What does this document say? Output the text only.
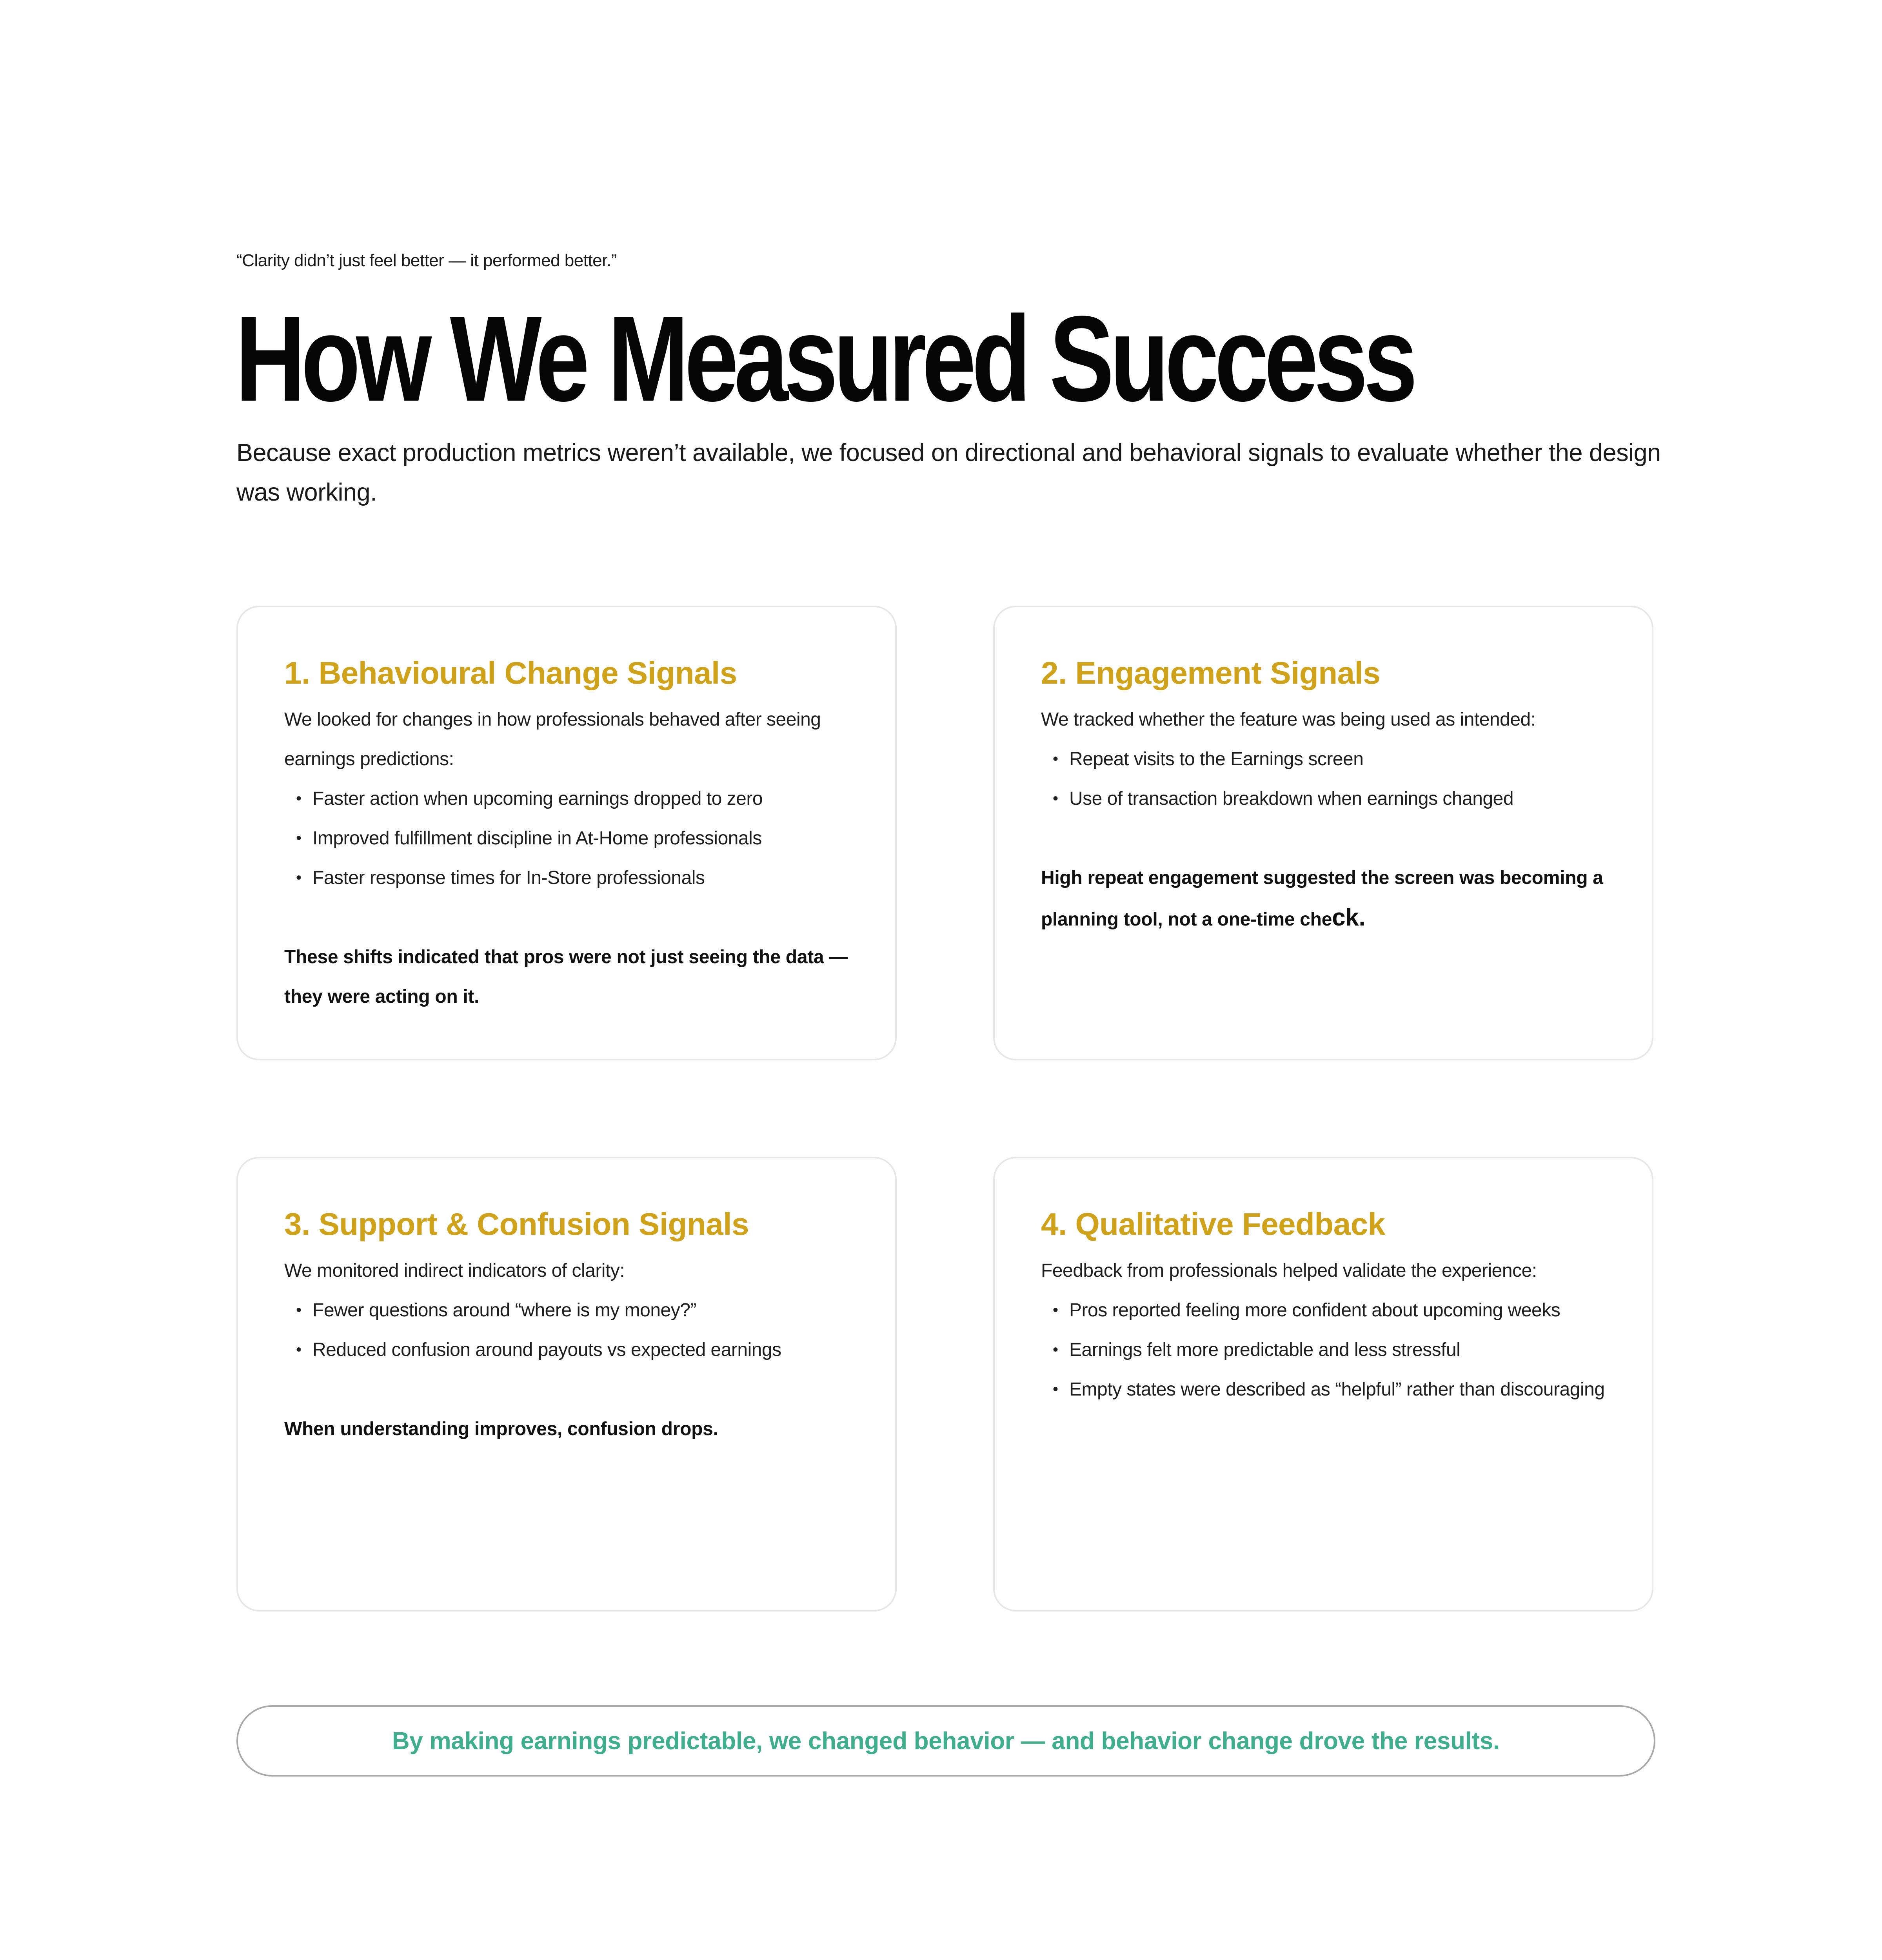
“Clarity didn’t just feel better — it performed better.”
How We Measured Success

Because exact production metrics weren’t available, we focused on directional and behavioral signals to evaluate whether the design was working.

1. Behavioural Change Signals

We looked for changes in how professionals behaved after seeing earnings predictions:

• Faster action when upcoming earnings dropped to zero
• Improved fulfillment discipline in At-Home professionals
• Faster response times for In-Store professionals

These shifts indicated that pros were not just seeing the data — they were acting on it.

2. Engagement Signals

We tracked whether the feature was being used as intended:

• Repeat visits to the Earnings screen
• Use of transaction breakdown when earnings changed

High repeat engagement suggested the screen was becoming a planning tool, not a one-time check.

3. Support & Confusion Signals

We monitored indirect indicators of clarity:

• Fewer questions around “where is my money?”
• Reduced confusion around payouts vs expected earnings

When understanding improves, confusion drops.

4. Qualitative Feedback

Feedback from professionals helped validate the experience:

• Pros reported feeling more confident about upcoming weeks
• Earnings felt more predictable and less stressful
• Empty states were described as “helpful” rather than discouraging
By making earnings predictable, we changed behavior — and behavior change drove the results.
